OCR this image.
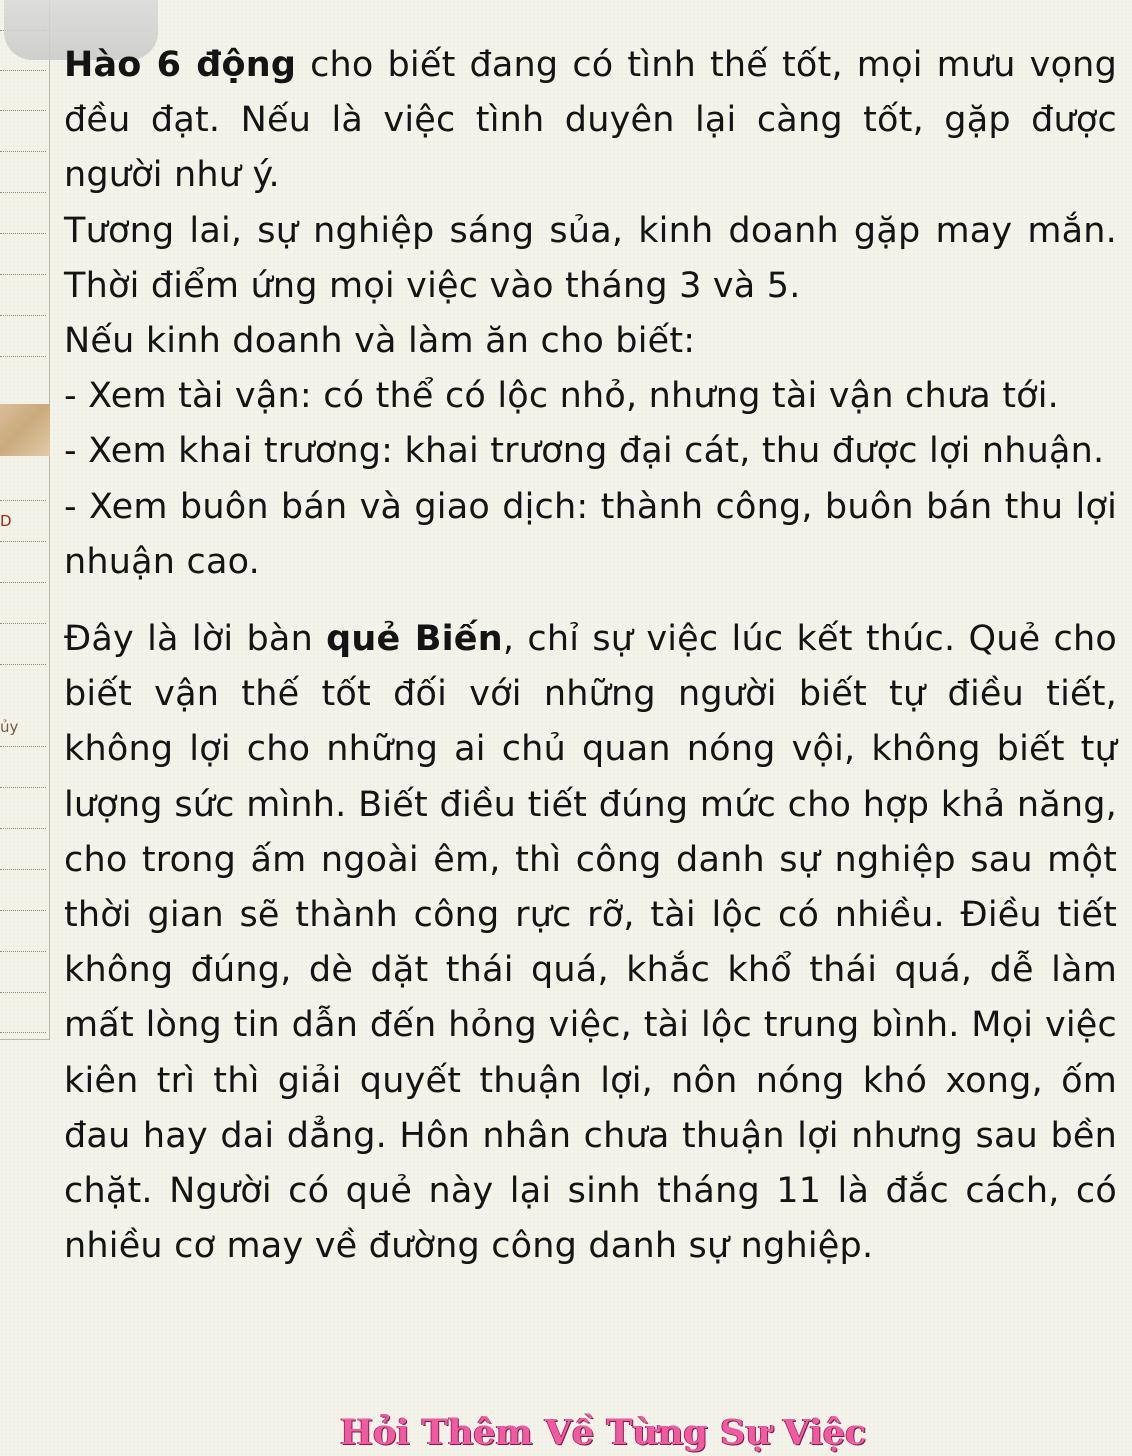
D
ủy

Hào 6 động cho biết đang có tình thế tốt, mọi mưu vọng đều đạt. Nếu là việc tình duyên lại càng tốt, gặp được người như ý.

Tương lai, sự nghiệp sáng sủa, kinh doanh gặp may mắn. Thời điểm ứng mọi việc vào tháng 3 và 5.

Nếu kinh doanh và làm ăn cho biết:

- Xem tài vận: có thể có lộc nhỏ, nhưng tài vận chưa tới.

- Xem khai trương: khai trương đại cát, thu được lợi nhuận.

- Xem buôn bán và giao dịch: thành công, buôn bán thu lợi nhuận cao.

Đây là lời bàn quẻ Biến, chỉ sự việc lúc kết thúc. Quẻ cho biết vận thế tốt đối với những người biết tự điều tiết, không lợi cho những ai chủ quan nóng vội, không biết tự lượng sức mình. Biết điều tiết đúng mức cho hợp khả năng, cho trong ấm ngoài êm, thì công danh sự nghiệp sau một thời gian sẽ thành công rực rỡ, tài lộc có nhiều. Điều tiết không đúng, dè dặt thái quá, khắc khổ thái quá, dễ làm mất lòng tin dẫn đến hỏng việc, tài lộc trung bình. Mọi việc kiên trì thì giải quyết thuận lợi, nôn nóng khó xong, ốm đau hay dai dẳng. Hôn nhân chưa thuận lợi nhưng sau bền chặt. Người có quẻ này lại sinh tháng 11 là đắc cách, có nhiều cơ may về đường công danh sự nghiệp.

Hỏi Thêm Về Từng Sự Việc
